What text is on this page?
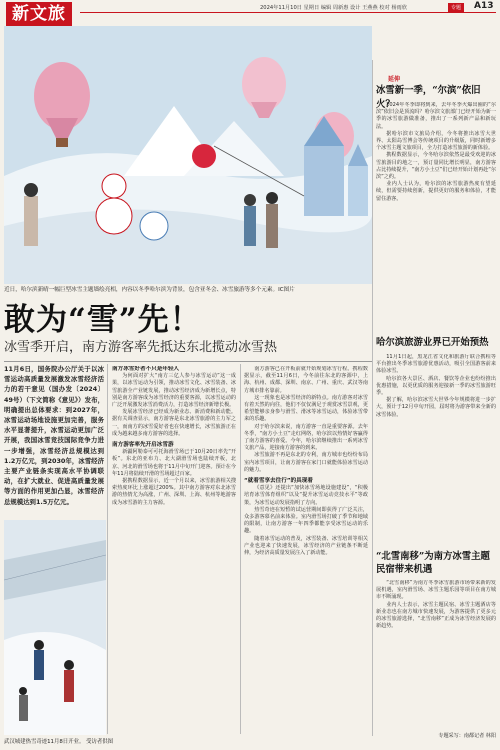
新文旅	2024年11月10日 星期日 编辑 周新惠 设计 王燕燕 校对 杨雨欣	专题	A13
近日，哈尔滨新晴一幅巨型冰雪主题墙绘亮相，内容以冬季哈尔滨为背景，包含亚冬会、冰雪旅游等多个元素。IC图片
敢为“雪”先！
冰雪季开启，南方游客率先抵达东北揽动冰雪热
11月6日，国务院办公厅关于以冰雪运动高质量发展激发冰雪经济活力的若干意见（国办发〔2024〕49号）（下文简称《意见》）发布，明确提出总体要求：到2027年，冰雪运动场地设施更加完善，服务水平显著提升，冰雪运动更加广泛开展，我国冰雪竞技国际竞争力进一步增强，冰雪经济总规模达到1.2万亿元，到2030年，冰雪经济主要产业链条实现高水平协调联动，在扩大就业、促进高质量发展等方面的作用更加凸显，冰雪经济总规模达到1.5万亿元。
武汉城建热雪奇迹11月8日开业。 受访者供图

南方冰雪好者不只是年轻人

为何面对扩大“南方三亿人参与冰雪运动”这一成果，以冰雪运动为引领，推动冰雪文化、冰雪装备、冰雪旅游全产业链发展，推动冰雪经济成为新增长点，特别是南方游客成为冰雪经济的重要客源，以冰雪运动的广泛开展激发冰雪消费活力，打造冰雪经济新增长极。

发展冰雪经济已经成为新业态、新消费和新动能。据有关调查显示，南方游客是东北冰雪旅游的主力军之一，而南方的冰雪爱好者也在快速增长，冰雪旅游正在成为越来越多南方游客的选择。

南方游客率先开启冰雪游

新疆阿勒泰可可托海滑雪场已于10月20日率先“开板”。东北的亚布力、北大湖滑雪场也陆续开板，北京、河北的滑雪场也将于11月中旬开门迎客。预计在今年11月将陆续开滑的雪场超过百家。

据携程数据显示，近一个月以来，冰雪旅游相关搜索热度环比上涨超过200%。其中南方游客对东北冰雪游的热情尤为高涨，广州、深圳、上海、杭州等地游客成为冰雪游的主力客源。

南方游客已在开板前就开始规划冰雪行程。携程数据显示，截至11月6日，今冬前往东北的客源中，上海、杭州、成都、深圳、南京、广州、重庆、武汉等南方城市排名靠前。

这一现象也是冰雪经济的新特点。南方游客对冰雪有着天然的向往，他们不仅仅满足于观赏冰雪景观，更希望能够亲身参与滑雪、滑冰等冰雪运动，体验冰雪带来的乐趣。

对于哈尔滨来说，南方游客一直是重要客源。去年冬季，“南方小土豆”走红网络，哈尔滨以热情好客赢得了南方游客的喜爱。今年，哈尔滨继续推出一系列冰雪文旅产品，迎接南方游客的到来。

冰雪旅游不再是东北的专利，南方城市也纷纷布局室内冰雪项目，让南方游客在家门口就能体验冰雪运动的魅力。

“就着雪享去往行”的具现着

《意见》还提出“加快冰雪场地设施建设”，“积极培育冰雪体育组织”以及“提升冰雪运动竞技水平”等政策，为冰雪运动发展指明了方向。

热雪奇迹在短暂的试运营期间即获得了广泛关注，众多游客慕名前来体验。室内滑雪场打破了季节和地域的限制，让南方游客一年四季都能享受冰雪运动的乐趣。

随着冰雪运动的普及，冰雪装备、冰雪培训等相关产业也迎来了快速发展，冰雪经济的产业链条不断延伸，为经济高质量发展注入了新动能。

延伸
冰雪新一季，“尔滨”依旧火？

2024年冬季即将到来，去年冬季火爆出圈的“尔滨”依旧会是顶流吗？哈尔滨文旅部门已经开始为新一季的冰雪旅游做准备，推出了一系列新产品和新玩法。

据哈尔滨市文旅局介绍，今冬将推出冰雪大世界、太阳岛雪博会等传统项目的升级版，同时新增多个冰雪主题文旅项目，全力打造冰雪旅游的新体验。

携程数据显示，今冬哈尔滨依然是最受欢迎的冰雪旅游目的地之一，预订量同比增长明显，南方游客占比持续提升，“南方小土豆”们已经开始计划再赴“尔滨”之约。

业内人士认为，哈尔滨的冰雪旅游热度有望延续，但需要持续创新，提供更好的服务和体验，才能留住游客。

哈尔滨旅游业界已开始预热

11月1日起，黑龙江省文化和旅游厅联合携程等平台推出冬季冰雪旅游优惠活动，吸引全国游客前来体验冰雪。

哈尔滨各大景区、酒店、餐饮等企业也纷纷推出优惠措施，以更优质的服务迎接新一季的冰雪旅游旺季。

据了解，哈尔滨冰雪大世界今年规模将进一步扩大，预计于12月中旬开园，届时将为游客带来全新的冰雪体验。

“北雪南移”为南方冰雪主题民宿带来机遇

“北雪南移”为南方冬季冰雪旅游市场带来新的发展机遇，室内滑雪场、冰雪主题乐园等项目在南方城市不断涌现。

业内人士表示，冰雪主题民宿、冰雪主题酒店等新业态也在南方城市快速发展，为游客提供了更多元的冰雪旅游选择，“北雪南移”正成为冰雪经济发展的新趋势。

专题采写：南都记者 林阳
